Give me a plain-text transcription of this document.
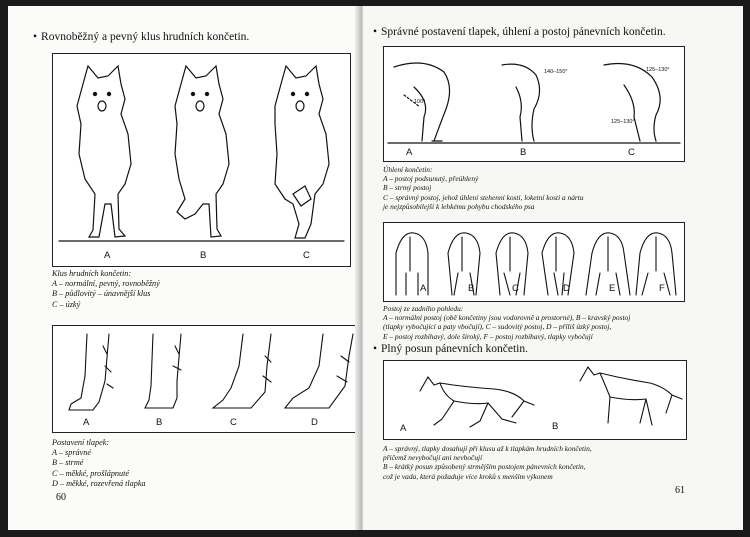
• Rovnoběžný a pevný klus hrudních končetin.
A	B	C
Klus hrudních končetin:
A – normální, pevný, rovnoběžný
B – půdlovitý – únavnější klus
C – úzký
A	B	C	D
Postavení tlapek:
A – správné
B – strmé
C – měkké, prošlápnuté
D – měkké, rozevřená tlapka
60
• Správné postavení tlapek, úhlení a postoj pánevních končetin.
100°
140–150°	125–130°
125–130°
A	B	C
Úhlení končetin:
A – postoj podsunutý, přeúhlený
B – strmý postoj
C – správný postoj, jehož úhlení stehenní kosti, loketní kosti a nártu
je nejzpůsobilejší k lehkému pohybu chodského psa
A	B	C	D	E	F
Postoj ze zadního pohledu:
A – normální postoj (obě končetiny jsou vodorovně a prostorné), B – kravský postoj
(tlapky vybočující a paty vbočují), C – sudovitý postoj, D – příliš úzký postoj,
E – postoj rozbíhavý, dole široký, F – postoj rozbíhavý, tlapky vybočují
• Plný posun pánevních končetin.
A	B
A – správný, tlapky dosahují při klusu až k tlapkám hrudních končetin,
přičemž nevybočují ani nevbočují
B – krátký posun způsobený strmějším postojem pánevních končetin,
což je vada, která požaduje více kroků s menším výkonem
61
